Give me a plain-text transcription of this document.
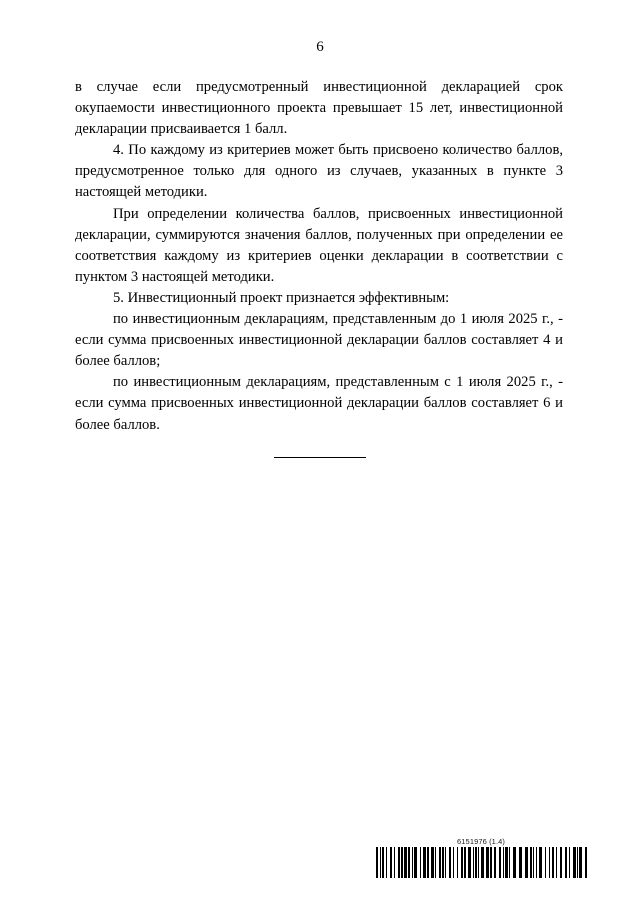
6

в случае если предусмотренный инвестиционной декларацией срок окупаемости инвестиционного проекта превышает 15 лет, инвестиционной декларации присваивается 1 балл.

4. По каждому из критериев может быть присвоено количество баллов, предусмотренное только для одного из случаев, указанных в пункте 3 настоящей методики.

При определении количества баллов, присвоенных инвестиционной декларации, суммируются значения баллов, полученных при определении ее соответствия каждому из критериев оценки декларации в соответствии с пунктом 3 настоящей методики.

5. Инвестиционный проект признается эффективным:

по инвестиционным декларациям, представленным до 1 июля 2025 г., - если сумма присвоенных инвестиционной декларации баллов составляет 4 и более баллов;

по инвестиционным декларациям, представленным с 1 июля 2025 г., - если сумма присвоенных инвестиционной декларации баллов составляет 6 и более баллов.

6151976 (1.4)
